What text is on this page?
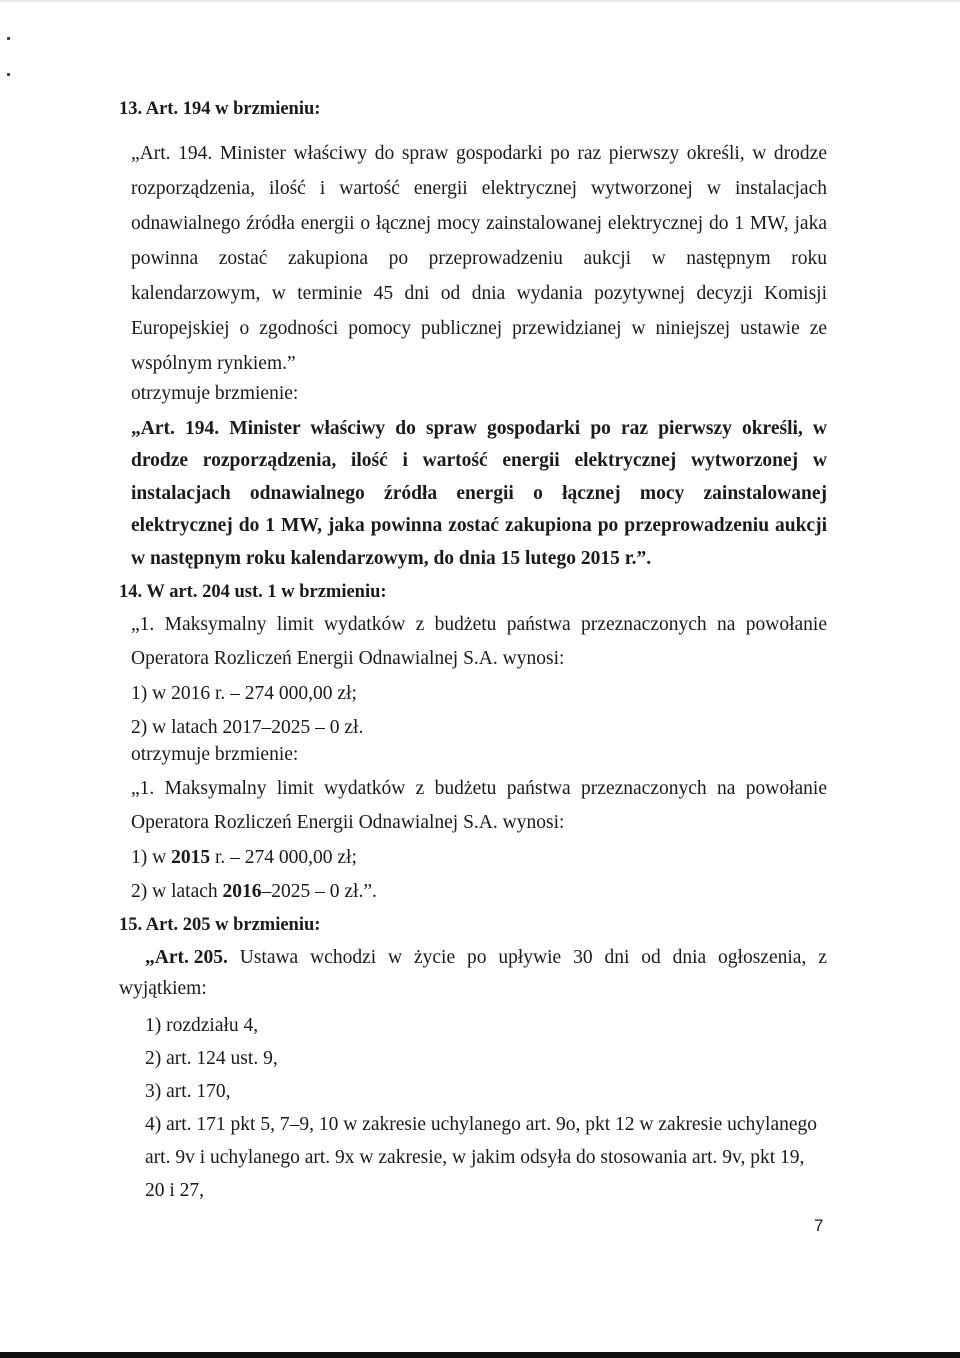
13. Art. 194 w brzmieniu:
„Art. 194. Minister właściwy do spraw gospodarki po raz pierwszy określi, w drodze
rozporządzenia, ilość i wartość energii elektrycznej wytworzonej w instalacjach
odnawialnego źródła energii o łącznej mocy zainstalowanej elektrycznej do 1 MW, jaka
powinna zostać zakupiona po przeprowadzeniu aukcji w następnym roku
kalendarzowym, w terminie 45 dni od dnia wydania pozytywnej decyzji Komisji
Europejskiej o zgodności pomocy publicznej przewidzianej w niniejszej ustawie ze
wspólnym rynkiem.”
otrzymuje brzmienie:
„Art. 194. Minister właściwy do spraw gospodarki po raz pierwszy określi, w
drodze rozporządzenia, ilość i wartość energii elektrycznej wytworzonej w
instalacjach odnawialnego źródła energii o łącznej mocy zainstalowanej
elektrycznej do 1 MW, jaka powinna zostać zakupiona po przeprowadzeniu aukcji
w następnym roku kalendarzowym, do dnia 15 lutego 2015 r.”.
14. W art. 204 ust. 1 w brzmieniu:
„1. Maksymalny limit wydatków z budżetu państwa przeznaczonych na powołanie
Operatora Rozliczeń Energii Odnawialnej S.A. wynosi:
1) w 2016 r. – 274 000,00 zł;
2) w latach 2017–2025 – 0 zł.
otrzymuje brzmienie:
„1. Maksymalny limit wydatków z budżetu państwa przeznaczonych na powołanie
Operatora Rozliczeń Energii Odnawialnej S.A. wynosi:
1) w 2015 r. – 274 000,00 zł;
2) w latach 2016–2025 – 0 zł.”.
15. Art. 205 w brzmieniu:
„Art. 205. Ustawa wchodzi w życie po upływie 30 dni od dnia ogłoszenia, z
wyjątkiem:
1) rozdziału 4,
2) art. 124 ust. 9,
3) art. 170,
4) art. 171 pkt 5, 7–9, 10 w zakresie uchylanego art. 9o, pkt 12 w zakresie uchylanego
art. 9v i uchylanego art. 9x w zakresie, w jakim odsyła do stosowania art. 9v, pkt 19,
20 i 27,
7
